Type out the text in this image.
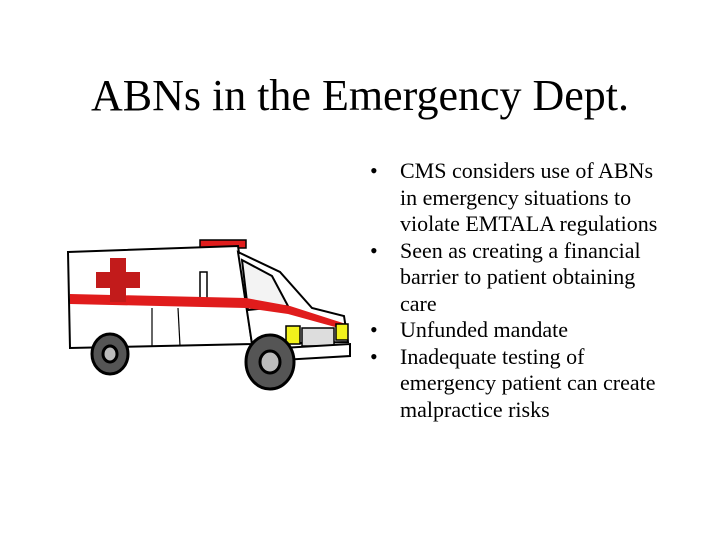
ABNs in the Emergency Dept.
• CMS considers use of ABNs in emergency situations to violate EMTALA regulations
• Seen as creating a financial barrier to patient obtaining care
• Unfunded mandate
• Inadequate testing of emergency patient can create malpractice risks
